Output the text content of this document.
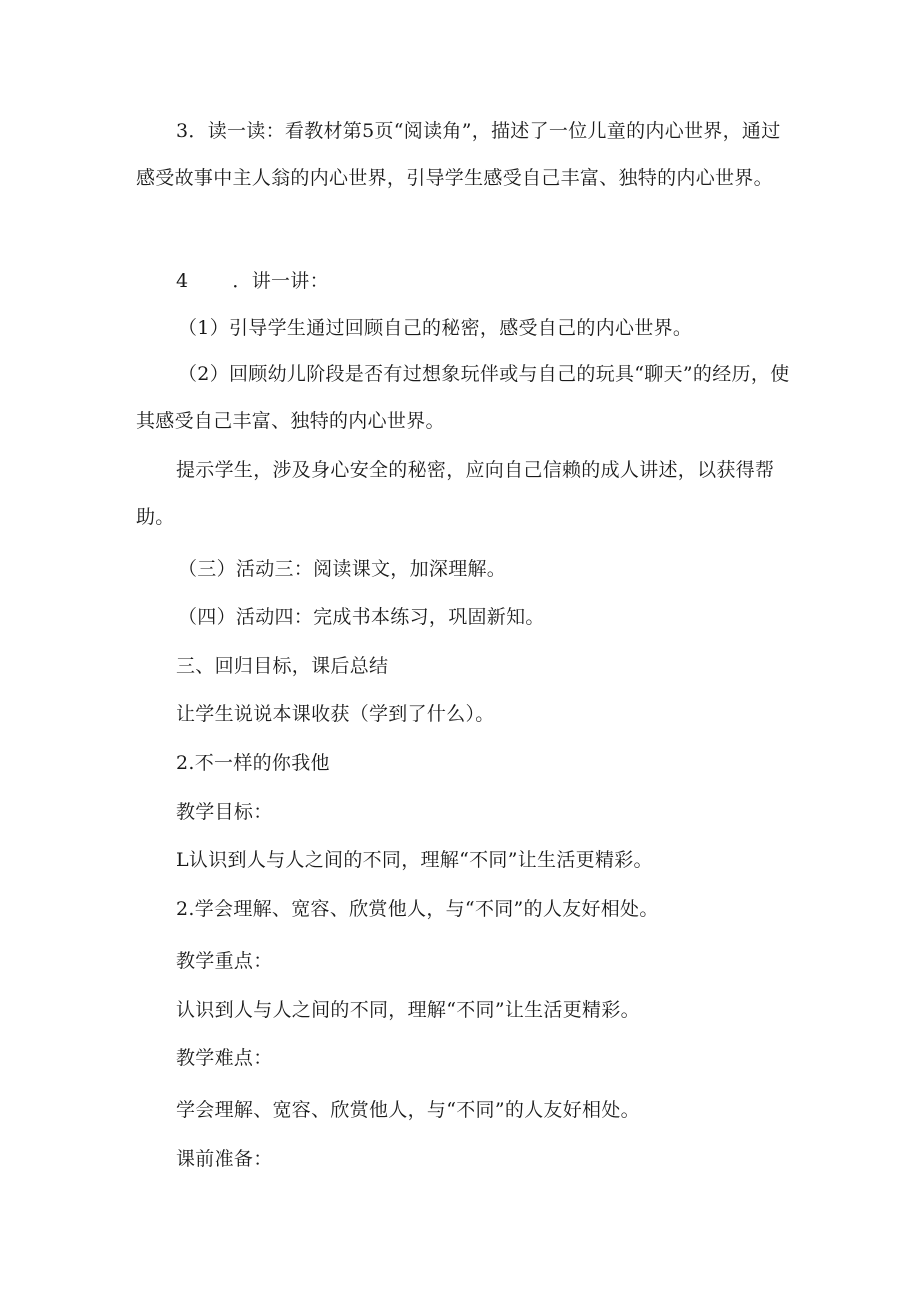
3．读一读：看教材第5页“阅读角”，描述了一位儿童的内心世界，通过感受故事中主人翁的内心世界，引导学生感受自己丰富、独特的内心世界。
4 ．讲一讲：
（1）引导学生通过回顾自己的秘密，感受自己的内心世界。
（2）回顾幼儿阶段是否有过想象玩伴或与自己的玩具“聊天”的经历，使其感受自己丰富、独特的内心世界。
提示学生，涉及身心安全的秘密，应向自己信赖的成人讲述，以获得帮助。
（三）活动三：阅读课文，加深理解。
（四）活动四：完成书本练习，巩固新知。
三、回归目标，课后总结
让学生说说本课收获（学到了什么）。
2.不一样的你我他
教学目标：
L认识到人与人之间的不同，理解“不同”让生活更精彩。
2.学会理解、宽容、欣赏他人，与“不同”的人友好相处。
教学重点：
认识到人与人之间的不同，理解“不同”让生活更精彩。
教学难点：
学会理解、宽容、欣赏他人，与“不同”的人友好相处。
课前准备：
